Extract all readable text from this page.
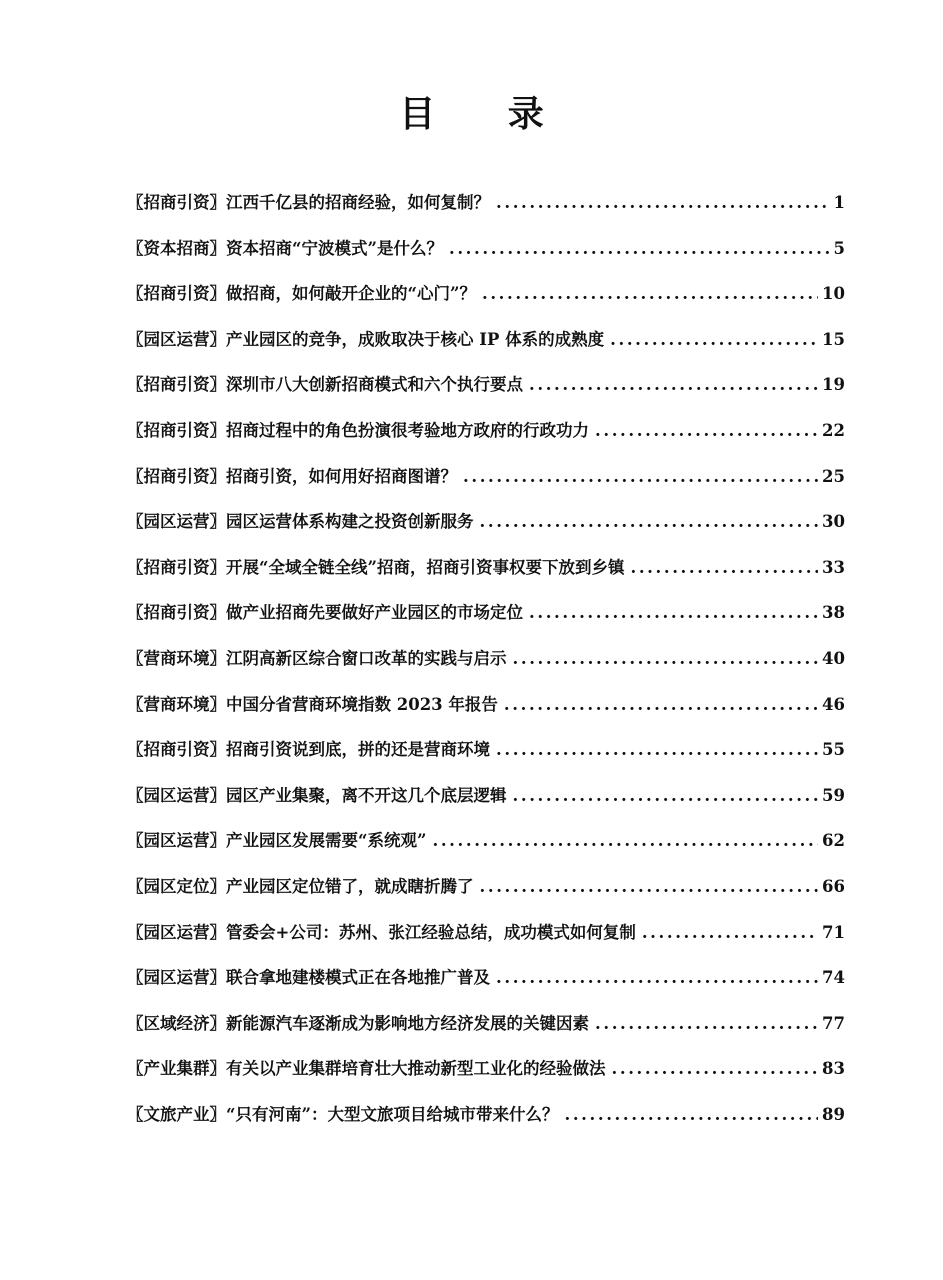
目 录
〖招商引资〗江西千亿县的招商经验，如何复制？ .....	1
〖资本招商〗资本招商“宁波模式”是什么？ .....	5
〖招商引资〗做招商，如何敲开企业的“心门”？ .....	10
〖园区运营〗产业园区的竞争，成败取决于核心 IP 体系的成熟度 .....	15
〖招商引资〗深圳市八大创新招商模式和六个执行要点 .....	19
〖招商引资〗招商过程中的角色扮演很考验地方政府的行政功力 .....	22
〖招商引资〗招商引资，如何用好招商图谱？ .....	25
〖园区运营〗园区运营体系构建之投资创新服务 .....	30
〖招商引资〗开展“全域全链全线”招商，招商引资事权要下放到乡镇 .....	33
〖招商引资〗做产业招商先要做好产业园区的市场定位 .....	38
〖营商环境〗江阴高新区综合窗口改革的实践与启示 .....	40
〖营商环境〗中国分省营商环境指数 2023 年报告 .....	46
〖招商引资〗招商引资说到底，拼的还是营商环境 .....	55
〖园区运营〗园区产业集聚，离不开这几个底层逻辑 .....	59
〖园区运营〗产业园区发展需要“系统观” .....	62
〖园区定位〗产业园区定位错了，就成瞎折腾了 .....	66
〖园区运营〗管委会+公司：苏州、张江经验总结，成功模式如何复制 .....	71
〖园区运营〗联合拿地建楼模式正在各地推广普及 .....	74
〖区域经济〗新能源汽车逐渐成为影响地方经济发展的关键因素 .....	77
〖产业集群〗有关以产业集群培育壮大推动新型工业化的经验做法 .....	83
〖文旅产业〗“只有河南”：大型文旅项目给城市带来什么？ .....	89
